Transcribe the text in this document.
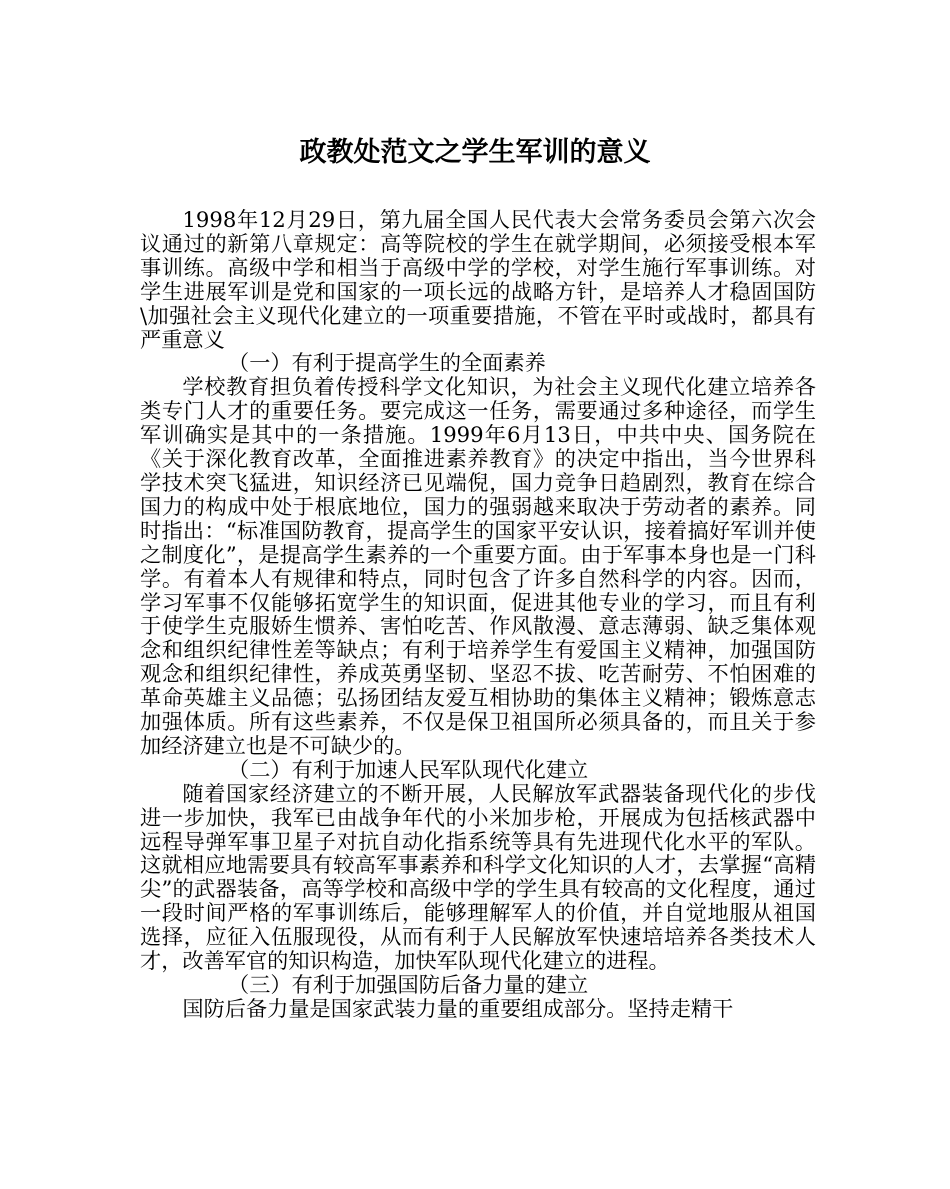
政教处范文之学生军训的意义

1998年12月29日，第九届全国人民代表大会常务委员会第六次会议通过的新第八章规定：高等院校的学生在就学期间，必须接受根本军事训练。高级中学和相当于高级中学的学校，对学生施行军事训练。对学生进展军训是党和国家的一项长远的战略方针，是培养人才稳固国防\加强社会主义现代化建立的一项重要措施，不管在平时或战时，都具有严重意义

（一）有利于提高学生的全面素养

学校教育担负着传授科学文化知识，为社会主义现代化建立培养各类专门人才的重要任务。要完成这一任务，需要通过多种途径，而学生军训确实是其中的一条措施。1999年6月13日，中共中央、国务院在《关于深化教育改革，全面推进素养教育》的决定中指出，当今世界科学技术突飞猛进，知识经济已见端倪，国力竞争日趋剧烈，教育在综合国力的构成中处于根底地位，国力的强弱越来取决于劳动者的素养。同时指出：“标准国防教育，提高学生的国家平安认识，接着搞好军训并使之制度化”，是提高学生素养的一个重要方面。由于军事本身也是一门科学。有着本人有规律和特点，同时包含了许多自然科学的内容。因而，学习军事不仅能够拓宽学生的知识面，促进其他专业的学习，而且有利于使学生克服娇生惯养、害怕吃苦、作风散漫、意志薄弱、缺乏集体观念和组织纪律性差等缺点；有利于培养学生有爱国主义精神，加强国防观念和组织纪律性，养成英勇坚韧、坚忍不拔、吃苦耐劳、不怕困难的革命英雄主义品德；弘扬团结友爱互相协助的集体主义精神；锻炼意志加强体质。所有这些素养，不仅是保卫祖国所必须具备的，而且关于参加经济建立也是不可缺少的。

（二）有利于加速人民军队现代化建立

随着国家经济建立的不断开展，人民解放军武器装备现代化的步伐进一步加快，我军已由战争年代的小米加步枪，开展成为包括核武器中远程导弹军事卫星子对抗自动化指系统等具有先进现代化水平的军队。这就相应地需要具有较高军事素养和科学文化知识的人才，去掌握“高精尖”的武器装备，高等学校和高级中学的学生具有较高的文化程度，通过一段时间严格的军事训练后，能够理解军人的价值，并自觉地服从祖国选择，应征入伍服现役，从而有利于人民解放军快速培培养各类技术人才，改善军官的知识构造，加快军队现代化建立的进程。

（三）有利于加强国防后备力量的建立

国防后备力量是国家武装力量的重要组成部分。坚持走精干
